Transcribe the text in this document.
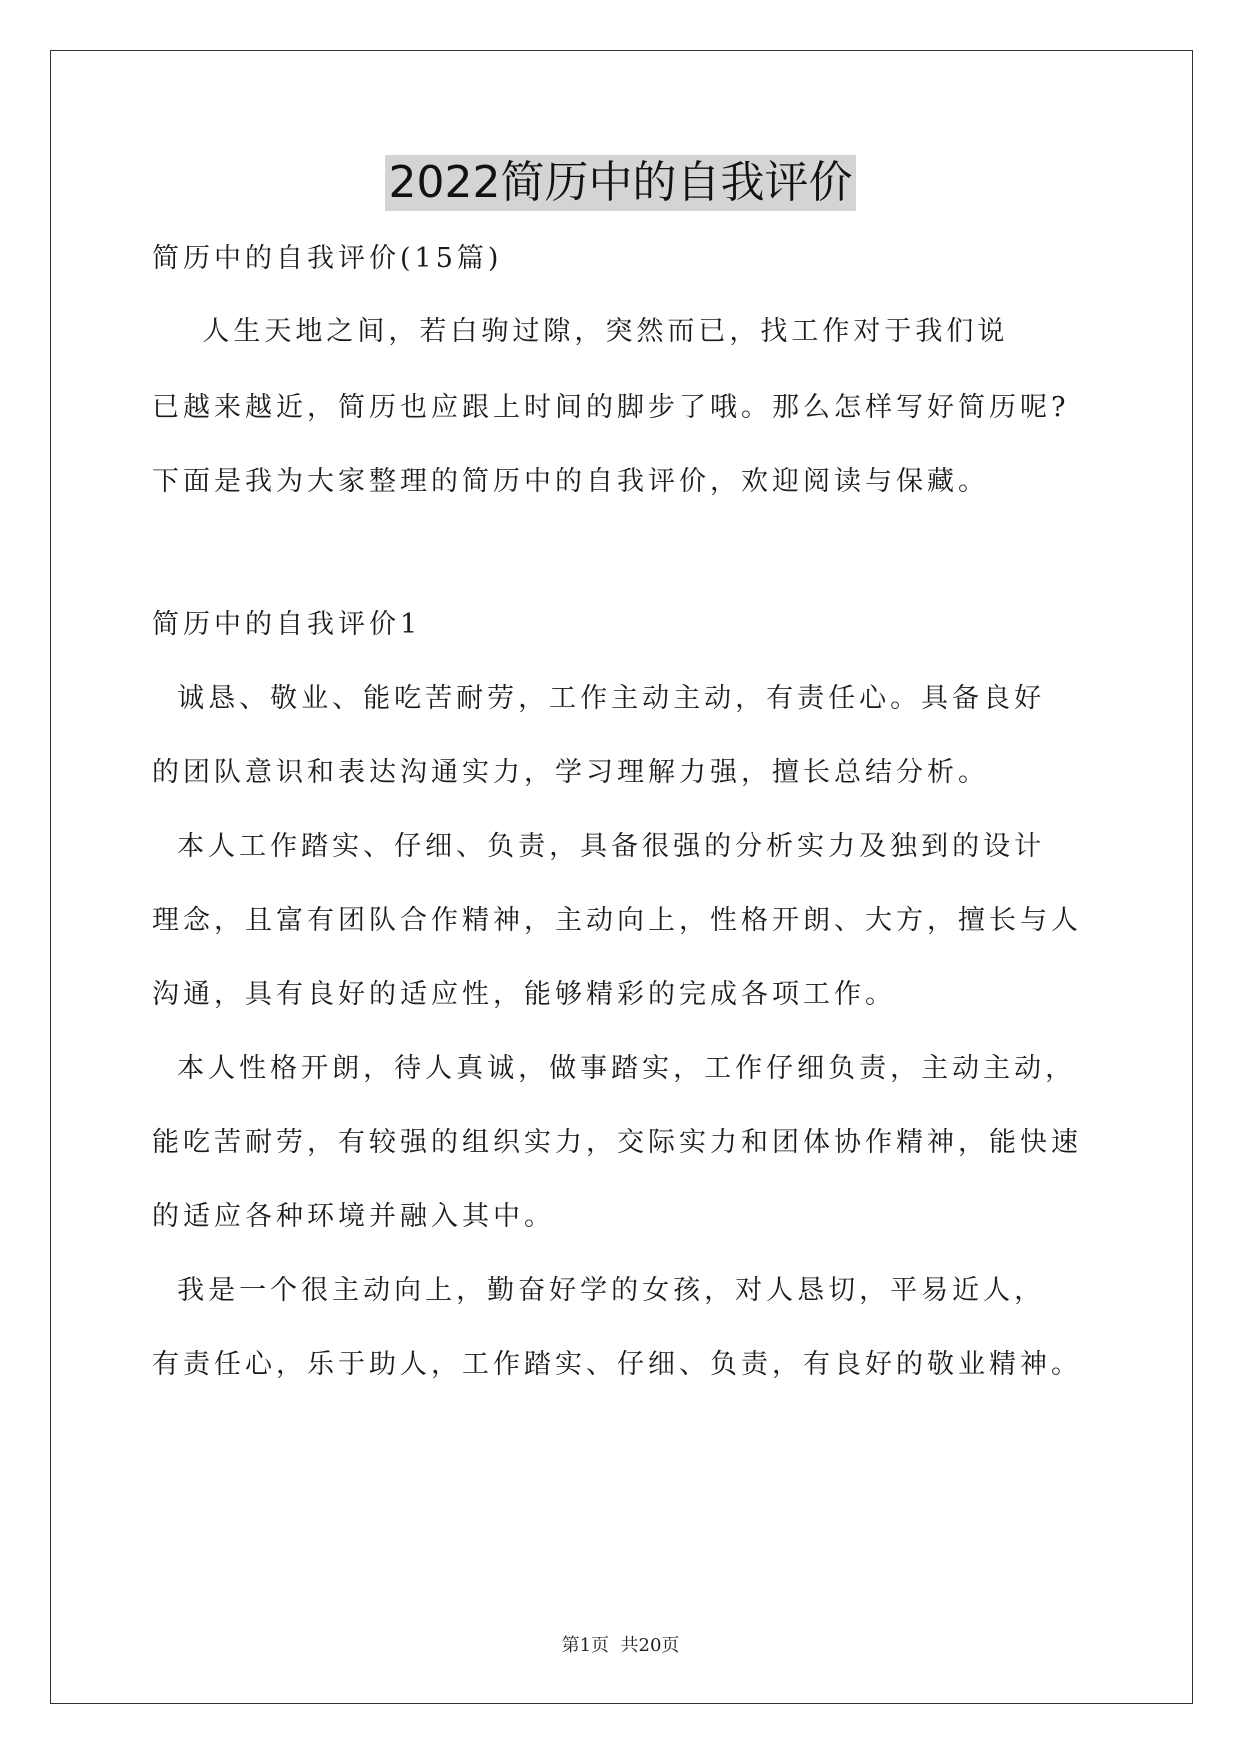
2022简历中的自我评价
简历中的自我评价(15篇)
人生天地之间，若白驹过隙，突然而已，找工作对于我们说
已越来越近，简历也应跟上时间的脚步了哦。那么怎样写好简历呢?
下面是我为大家整理的简历中的自我评价，欢迎阅读与保藏。
简历中的自我评价1
诚恳、敬业、能吃苦耐劳，工作主动主动，有责任心。具备良好
的团队意识和表达沟通实力，学习理解力强，擅长总结分析。
本人工作踏实、仔细、负责，具备很强的分析实力及独到的设计
理念，且富有团队合作精神，主动向上，性格开朗、大方，擅长与人
沟通，具有良好的适应性，能够精彩的完成各项工作。
本人性格开朗，待人真诚，做事踏实，工作仔细负责，主动主动，
能吃苦耐劳，有较强的组织实力，交际实力和团体协作精神，能快速
的适应各种环境并融入其中。
我是一个很主动向上，勤奋好学的女孩，对人恳切，平易近人，
有责任心，乐于助人，工作踏实、仔细、负责，有良好的敬业精神。
第1页  共20页
